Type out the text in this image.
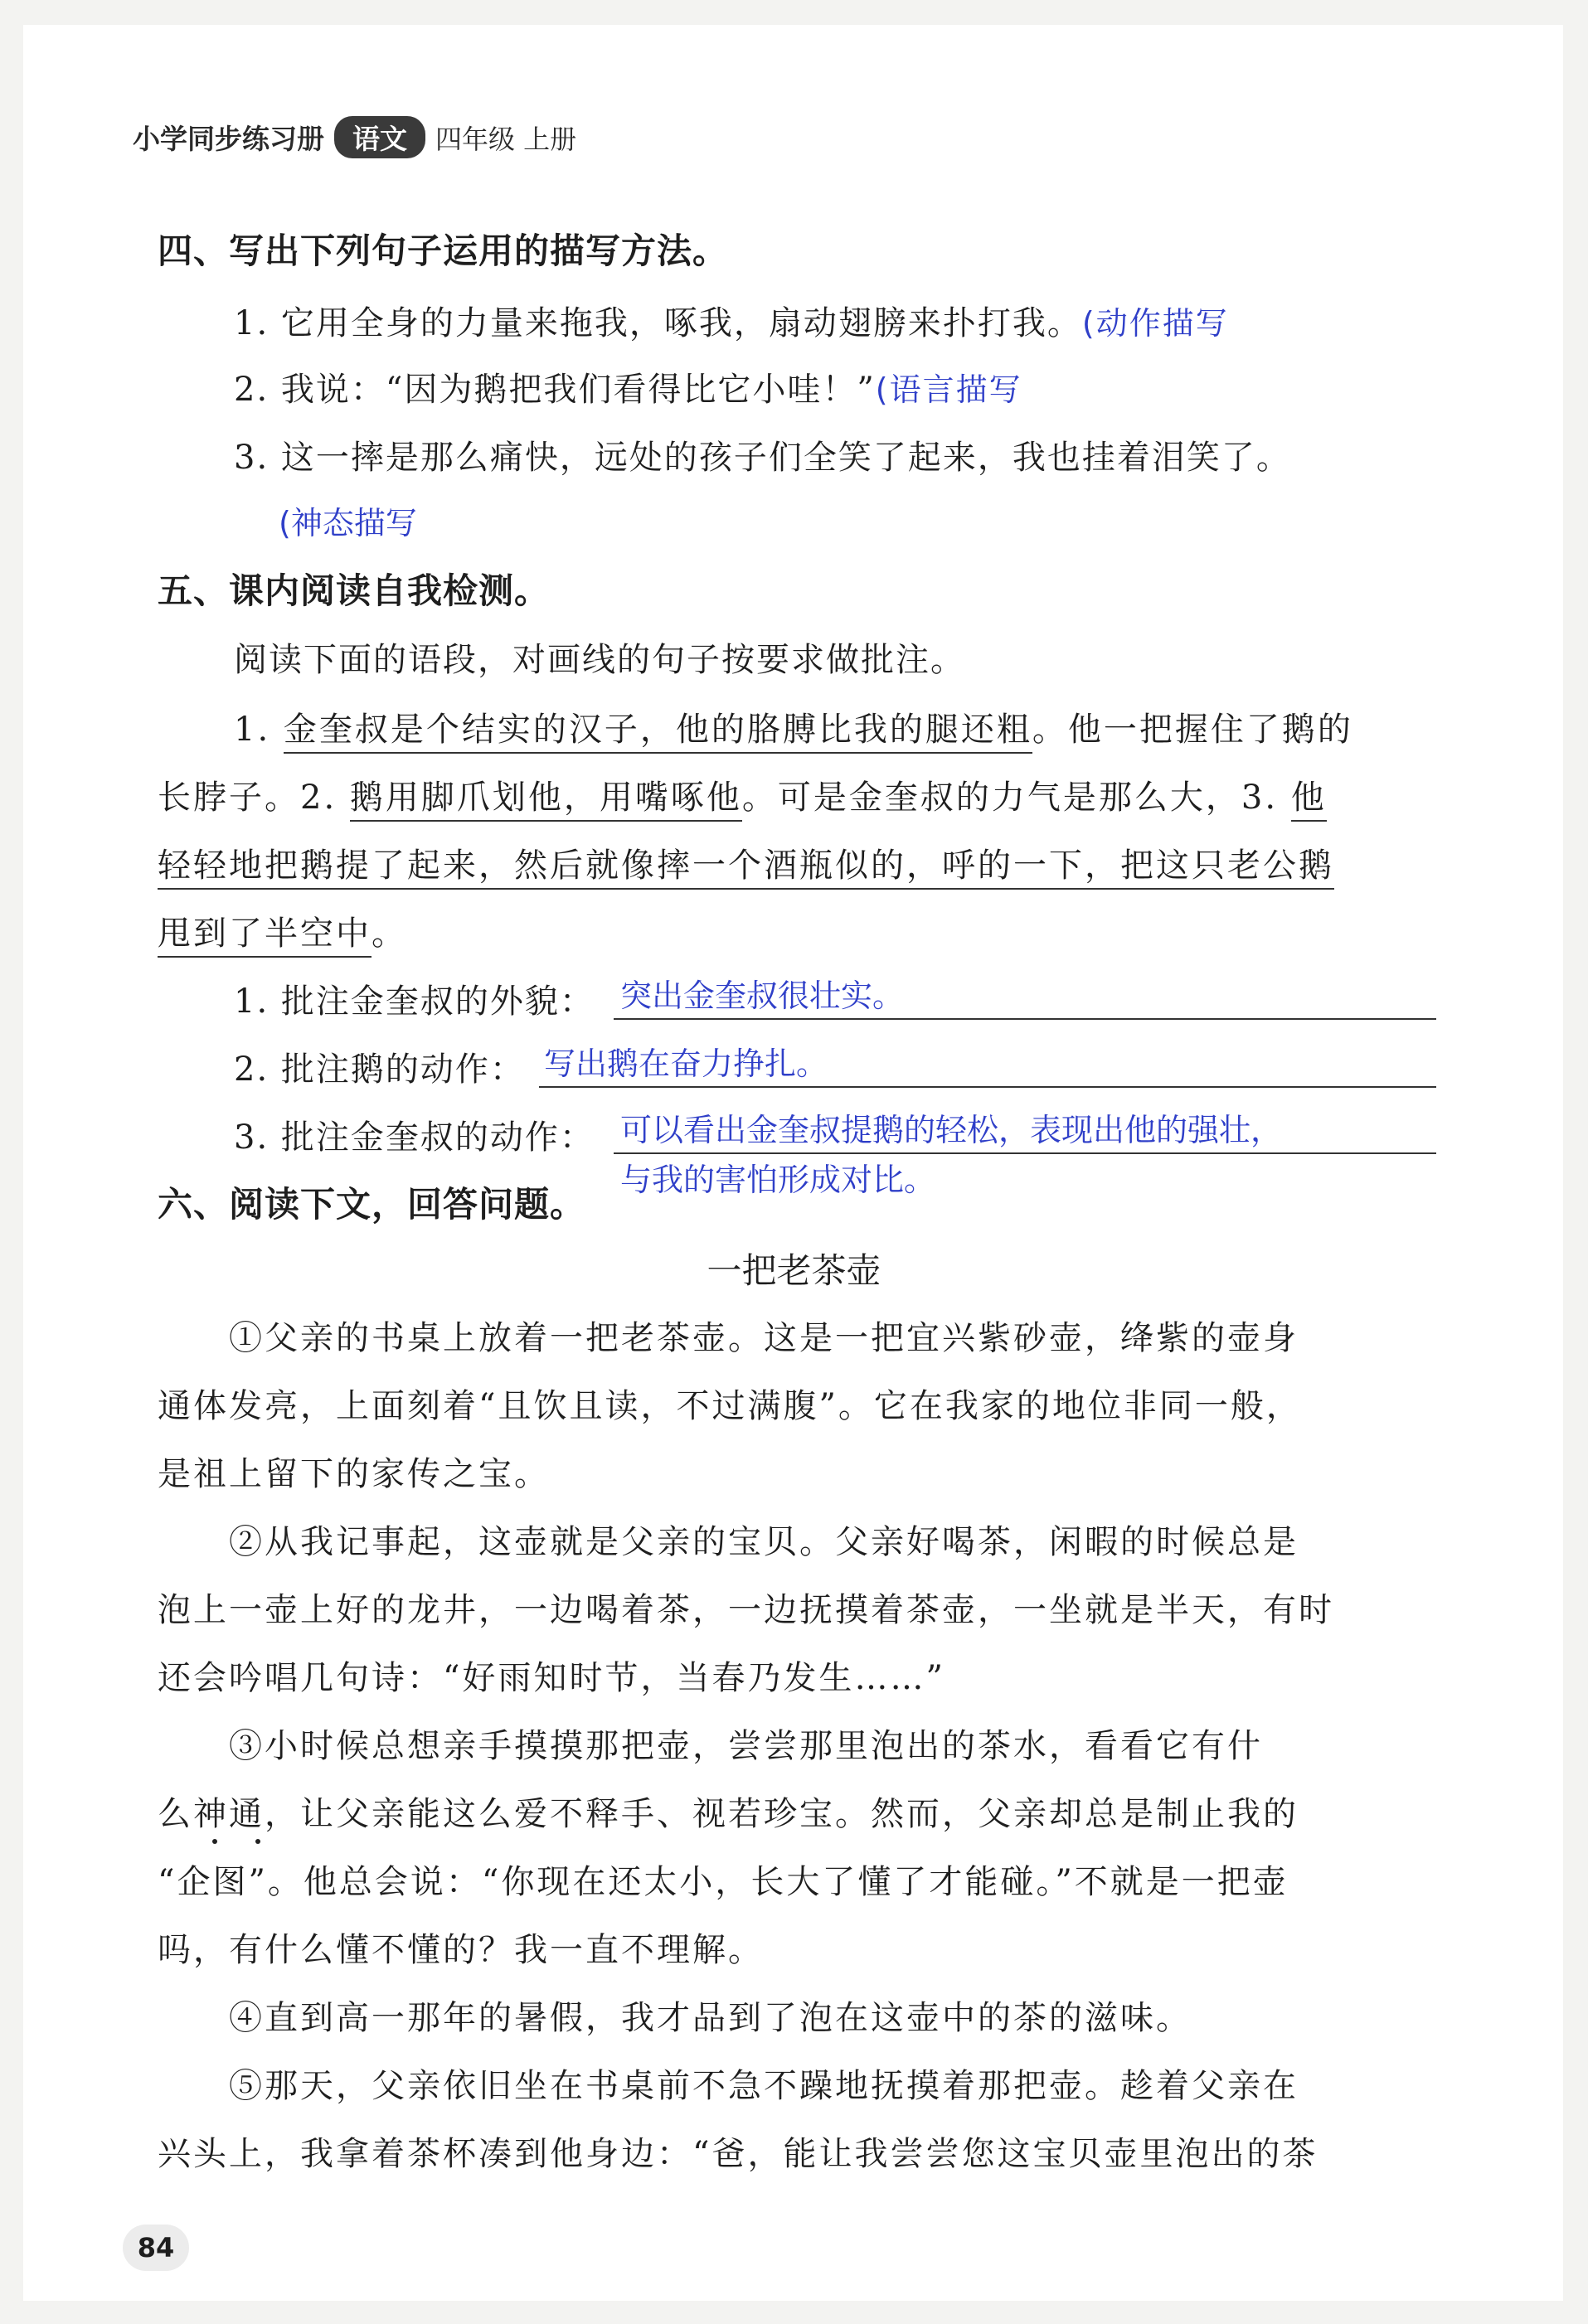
小学同步练习册 语文 四年级 上册
四、写出下列句子运用的描写方法。
1. 它用全身的力量来拖我，啄我，扇动翅膀来扑打我。(动作描写
2. 我说：“因为鹅把我们看得比它小哇！”(语言描写
3. 这一摔是那么痛快，远处的孩子们全笑了起来，我也挂着泪笑了。
(神态描写
五、课内阅读自我检测。
阅读下面的语段，对画线的句子按要求做批注。
1. 金奎叔是个结实的汉子，他的胳膊比我的腿还粗。他一把握住了鹅的
长脖子。2. 鹅用脚爪划他，用嘴啄他。可是金奎叔的力气是那么大，3. 他
轻轻地把鹅提了起来，然后就像摔一个酒瓶似的，呼的一下，把这只老公鹅
甩到了半空中。
1. 批注金奎叔的外貌： 突出金奎叔很壮实。
2. 批注鹅的动作： 写出鹅在奋力挣扎。
3. 批注金奎叔的动作： 可以看出金奎叔提鹅的轻松，表现出他的强壮，
与我的害怕形成对比。
六、阅读下文，回答问题。
一把老茶壶
①父亲的书桌上放着一把老茶壶。这是一把宜兴紫砂壶，绛紫的壶身
通体发亮，上面刻着“且饮且读，不过满腹”。它在我家的地位非同一般，
是祖上留下的家传之宝。
②从我记事起，这壶就是父亲的宝贝。父亲好喝茶，闲暇的时候总是
泡上一壶上好的龙井，一边喝着茶，一边抚摸着茶壶，一坐就是半天，有时
还会吟唱几句诗：“好雨知时节，当春乃发生……”
③小时候总想亲手摸摸那把壶，尝尝那里泡出的茶水，看看它有什
么神通，让父亲能这么爱不释手、视若珍宝。然而，父亲却总是制止我的
“企图”。他总会说：“你现在还太小，长大了懂了才能碰。”不就是一把壶
吗，有什么懂不懂的？我一直不理解。
④直到高一那年的暑假，我才品到了泡在这壶中的茶的滋味。
⑤那天，父亲依旧坐在书桌前不急不躁地抚摸着那把壶。趁着父亲在
兴头上，我拿着茶杯凑到他身边：“爸，能让我尝尝您这宝贝壶里泡出的茶
84
